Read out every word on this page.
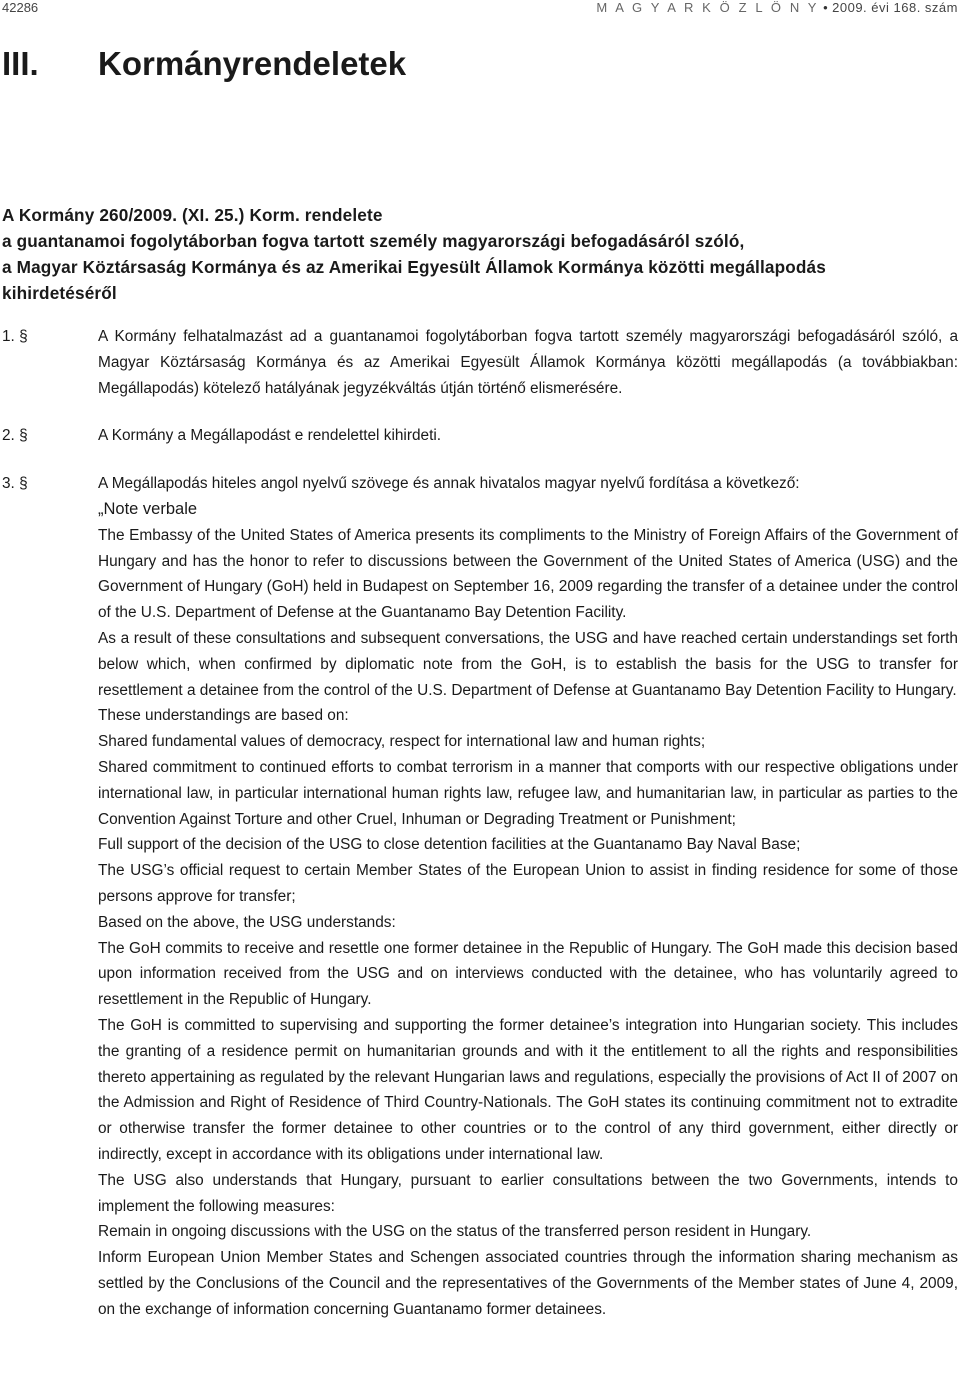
42286	M A G Y A R K Ö Z L Ö N Y • 2009. évi 168. szám
III. Kormányrendeletek
A Kormány 260/2009. (XI. 25.) Korm. rendelete
a guantanamoi fogolytáborban fogva tartott személy magyarországi befogadásáról szóló,
a Magyar Köztársaság Kormánya és az Amerikai Egyesült Államok Kormánya közötti megállapodás
kihirdetéséről
1. §	A Kormány felhatalmazást ad a guantanamoi fogolytáborban fogva tartott személy magyarországi befogadásáról szóló, a Magyar Köztársaság Kormánya és az Amerikai Egyesült Államok Kormánya közötti megállapodás (a továbbiakban: Megállapodás) kötelező hatályának jegyzékváltás útján történő elismerésére.
2. §	A Kormány a Megállapodást e rendelettel kihirdeti.
3. §	A Megállapodás hiteles angol nyelvű szövege és annak hivatalos magyar nyelvű fordítása a következő:
„Note verbale
The Embassy of the United States of America presents its compliments to the Ministry of Foreign Affairs of the Government of Hungary and has the honor to refer to discussions between the Government of the United States of America (USG) and the Government of Hungary (GoH) held in Budapest on September 16, 2009 regarding the transfer of a detainee under the control of the U.S. Department of Defense at the Guantanamo Bay Detention Facility.
As a result of these consultations and subsequent conversations, the USG and have reached certain understandings set forth below which, when confirmed by diplomatic note from the GoH, is to establish the basis for the USG to transfer for resettlement a detainee from the control of the U.S. Department of Defense at Guantanamo Bay Detention Facility to Hungary.
These understandings are based on:
Shared fundamental values of democracy, respect for international law and human rights;
Shared commitment to continued efforts to combat terrorism in a manner that comports with our respective obligations under international law, in particular international human rights law, refugee law, and humanitarian law, in particular as parties to the Convention Against Torture and other Cruel, Inhuman or Degrading Treatment or Punishment;
Full support of the decision of the USG to close detention facilities at the Guantanamo Bay Naval Base;
The USG’s official request to certain Member States of the European Union to assist in finding residence for some of those persons approve for transfer;
Based on the above, the USG understands:
The GoH commits to receive and resettle one former detainee in the Republic of Hungary. The GoH made this decision based upon information received from the USG and on interviews conducted with the detainee, who has voluntarily agreed to resettlement in the Republic of Hungary.
The GoH is committed to supervising and supporting the former detainee’s integration into Hungarian society. This includes the granting of a residence permit on humanitarian grounds and with it the entitlement to all the rights and responsibilities thereto appertaining as regulated by the relevant Hungarian laws and regulations, especially the provisions of Act II of 2007 on the Admission and Right of Residence of Third Country-Nationals. The GoH states its continuing commitment not to extradite or otherwise transfer the former detainee to other countries or to the control of any third government, either directly or indirectly, except in accordance with its obligations under international law.
The USG also understands that Hungary, pursuant to earlier consultations between the two Governments, intends to implement the following measures:
Remain in ongoing discussions with the USG on the status of the transferred person resident in Hungary.
Inform European Union Member States and Schengen associated countries through the information sharing mechanism as settled by the Conclusions of the Council and the representatives of the Governments of the Member states of June 4, 2009, on the exchange of information concerning Guantanamo former detainees.
